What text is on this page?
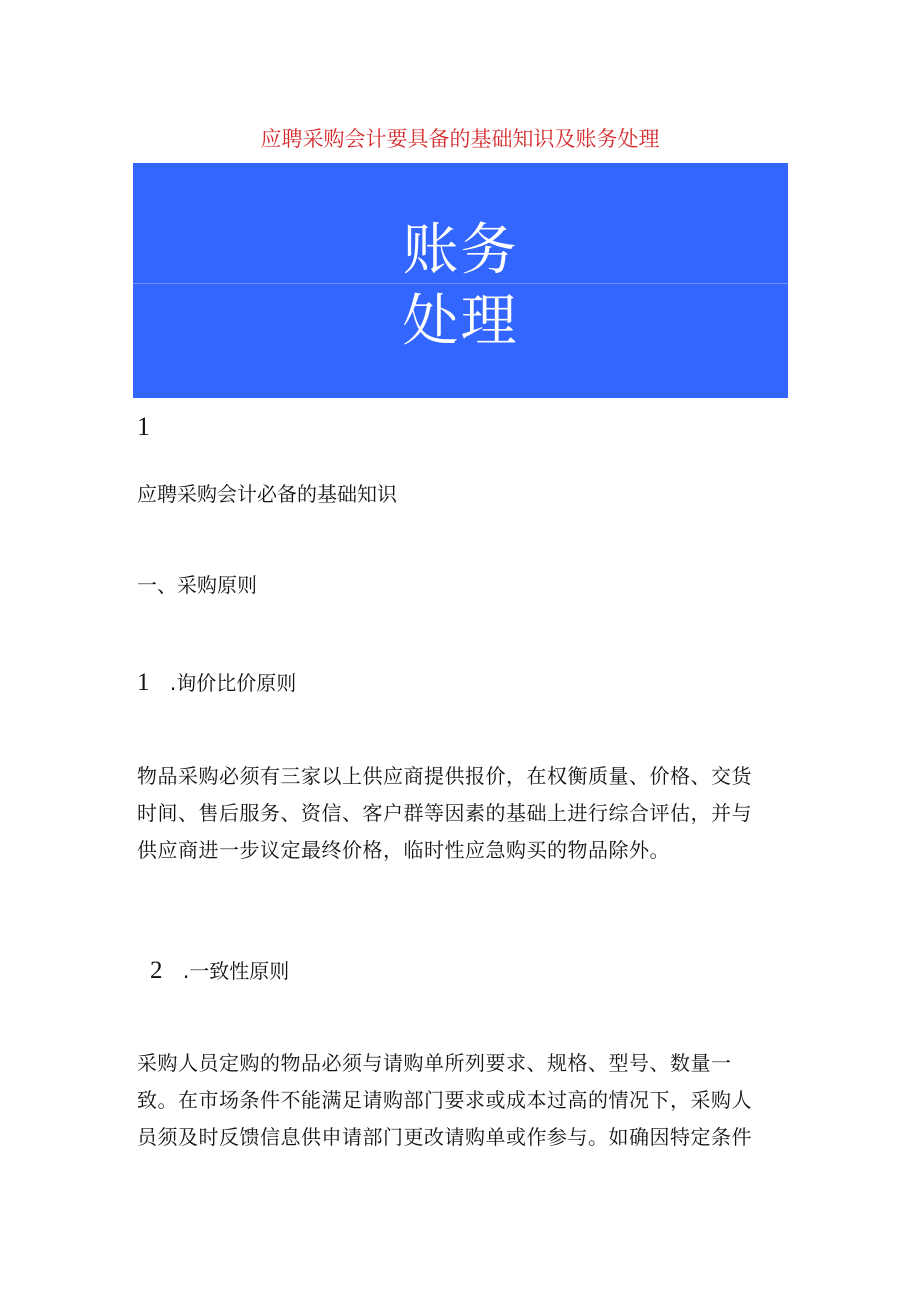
应聘采购会计要具备的基础知识及账务处理
账务
处理
1
应聘采购会计必备的基础知识
一、采购原则
1 .询价比价原则
物品采购必须有三家以上供应商提供报价，在权衡质量、价格、交货
时间、售后服务、资信、客户群等因素的基础上进行综合评估，并与
供应商进一步议定最终价格，临时性应急购买的物品除外。
2 .一致性原则
采购人员定购的物品必须与请购单所列要求、规格、型号、数量一
致。在市场条件不能满足请购部门要求或成本过高的情况下，采购人
员须及时反馈信息供申请部门更改请购单或作参与。如确因特定条件
